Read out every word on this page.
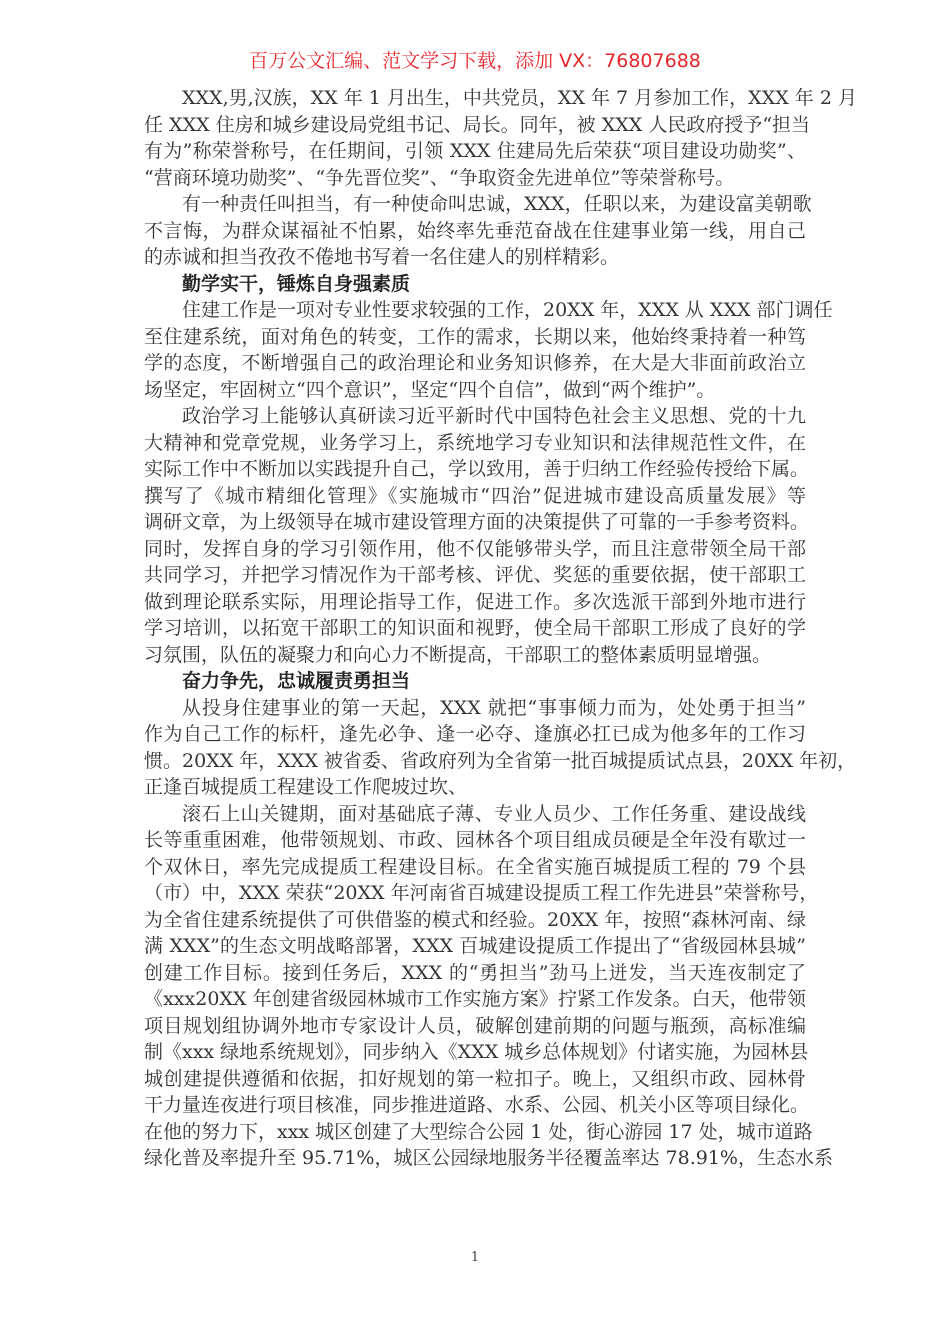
百万公文汇编、范文学习下载，添加 VX：76807688
XXX,男,汉族，XX 年 1 月出生，中共党员，XX 年 7 月参加工作，XXX 年 2 月
任 XXX 住房和城乡建设局党组书记、局长。同年，被 XXX 人民政府授予“担当
有为”称荣誉称号，在任期间，引领 XXX 住建局先后荣获“项目建设功勋奖”、
“营商环境功勋奖”、“争先晋位奖”、“争取资金先进单位”等荣誉称号。
有一种责任叫担当，有一种使命叫忠诚，XXX，任职以来，为建设富美朝歌
不言悔，为群众谋福祉不怕累，始终率先垂范奋战在住建事业第一线，用自己
的赤诚和担当孜孜不倦地书写着一名住建人的别样精彩。
勤学实干，锤炼自身强素质
住建工作是一项对专业性要求较强的工作，20XX 年，XXX 从 XXX 部门调任
至住建系统，面对角色的转变，工作的需求，长期以来，他始终秉持着一种笃
学的态度，不断增强自己的政治理论和业务知识修养，在大是大非面前政治立
场坚定，牢固树立“四个意识”，坚定“四个自信”，做到“两个维护”。
政治学习上能够认真研读习近平新时代中国特色社会主义思想、党的十九
大精神和党章党规，业务学习上，系统地学习专业知识和法律规范性文件，在
实际工作中不断加以实践提升自己，学以致用，善于归纳工作经验传授给下属。
撰写了《城市精细化管理》《实施城市“四治”促进城市建设高质量发展》等
调研文章，为上级领导在城市建设管理方面的决策提供了可靠的一手参考资料。
同时，发挥自身的学习引领作用，他不仅能够带头学，而且注意带领全局干部
共同学习，并把学习情况作为干部考核、评优、奖惩的重要依据，使干部职工
做到理论联系实际，用理论指导工作，促进工作。多次选派干部到外地市进行
学习培训，以拓宽干部职工的知识面和视野，使全局干部职工形成了良好的学
习氛围，队伍的凝聚力和向心力不断提高，干部职工的整体素质明显增强。
奋力争先，忠诚履责勇担当
从投身住建事业的第一天起，XXX 就把“事事倾力而为，处处勇于担当”
作为自己工作的标杆，逢先必争、逢一必夺、逢旗必扛已成为他多年的工作习
惯。20XX 年，XXX 被省委、省政府列为全省第一批百城提质试点县，20XX 年初，
正逢百城提质工程建设工作爬坡过坎、
滚石上山关键期，面对基础底子薄、专业人员少、工作任务重、建设战线
长等重重困难，他带领规划、市政、园林各个项目组成员硬是全年没有歇过一
个双休日，率先完成提质工程建设目标。在全省实施百城提质工程的 79 个县
（市）中，XXX 荣获“20XX 年河南省百城建设提质工程工作先进县”荣誉称号，
为全省住建系统提供了可供借鉴的模式和经验。20XX 年，按照“森林河南、绿
满 XXX”的生态文明战略部署，XXX 百城建设提质工作提出了“省级园林县城”
创建工作目标。接到任务后，XXX 的“勇担当”劲马上迸发，当天连夜制定了
《xxx20XX 年创建省级园林城市工作实施方案》拧紧工作发条。白天，他带领
项目规划组协调外地市专家设计人员，破解创建前期的问题与瓶颈，高标准编
制《xxx 绿地系统规划》，同步纳入《XXX 城乡总体规划》付诸实施，为园林县
城创建提供遵循和依据，扣好规划的第一粒扣子。晚上，又组织市政、园林骨
干力量连夜进行项目核准，同步推进道路、水系、公园、机关小区等项目绿化。
在他的努力下，xxx 城区创建了大型综合公园 1 处，街心游园 17 处，城市道路
绿化普及率提升至 95.71%，城区公园绿地服务半径覆盖率达 78.91%，生态水系
1
